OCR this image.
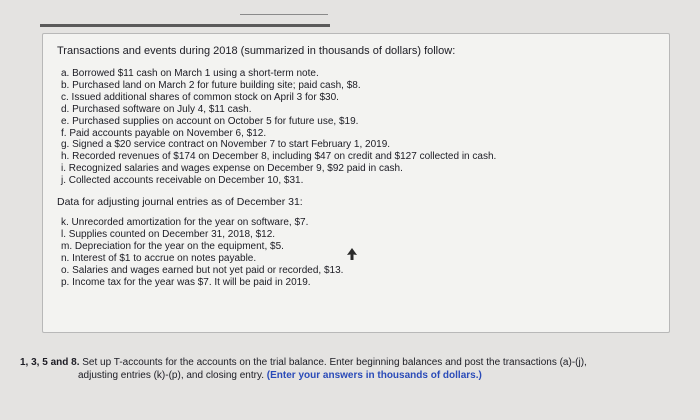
Transactions and events during 2018 (summarized in thousands of dollars) follow:

a. Borrowed $11 cash on March 1 using a short-term note.
b. Purchased land on March 2 for future building site; paid cash, $8.
c. Issued additional shares of common stock on April 3 for $30.
d. Purchased software on July 4, $11 cash.
e. Purchased supplies on account on October 5 for future use, $19.
f. Paid accounts payable on November 6, $12.
g. Signed a $20 service contract on November 7 to start February 1, 2019.
h. Recorded revenues of $174 on December 8, including $47 on credit and $127 collected in cash.
i. Recognized salaries and wages expense on December 9, $92 paid in cash.
j. Collected accounts receivable on December 10, $31.

Data for adjusting journal entries as of December 31:

k. Unrecorded amortization for the year on software, $7.
l. Supplies counted on December 31, 2018, $12.
m. Depreciation for the year on the equipment, $5.
n. Interest of $1 to accrue on notes payable.
o. Salaries and wages earned but not yet paid or recorded, $13.
p. Income tax for the year was $7. It will be paid in 2019.
1, 3, 5 and 8. Set up T-accounts for the accounts on the trial balance. Enter beginning balances and post the transactions (a)-(j),
adjusting entries (k)-(p), and closing entry. (Enter your answers in thousands of dollars.)
